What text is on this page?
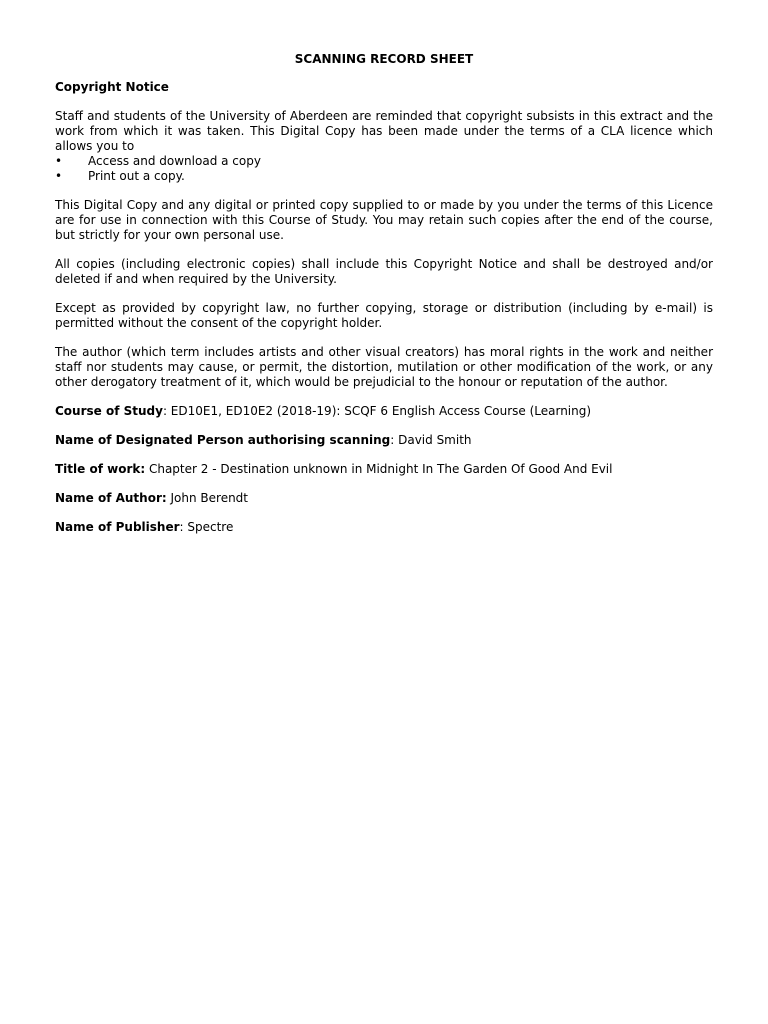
SCANNING RECORD SHEET
Copyright Notice

Staff and students of the University of Aberdeen are reminded that copyright subsists in this extract and the work from which it was taken. This Digital Copy has been made under the terms of a CLA licence which allows you to

• Access and download a copy
• Print out a copy.

This Digital Copy and any digital or printed copy supplied to or made by you under the terms of this Licence are for use in connection with this Course of Study. You may retain such copies after the end of the course, but strictly for your own personal use.

All copies (including electronic copies) shall include this Copyright Notice and shall be destroyed and/or deleted if and when required by the University.

Except as provided by copyright law, no further copying, storage or distribution (including by e-mail) is permitted without the consent of the copyright holder.

The author (which term includes artists and other visual creators) has moral rights in the work and neither staff nor students may cause, or permit, the distortion, mutilation or other modification of the work, or any other derogatory treatment of it, which would be prejudicial to the honour or reputation of the author.

Course of Study: ED10E1, ED10E2 (2018-19): SCQF 6 English Access Course (Learning)
Name of Designated Person authorising scanning: David Smith
Title of work: Chapter 2 - Destination unknown in Midnight In The Garden Of Good And Evil
Name of Author: John Berendt
Name of Publisher: Spectre
